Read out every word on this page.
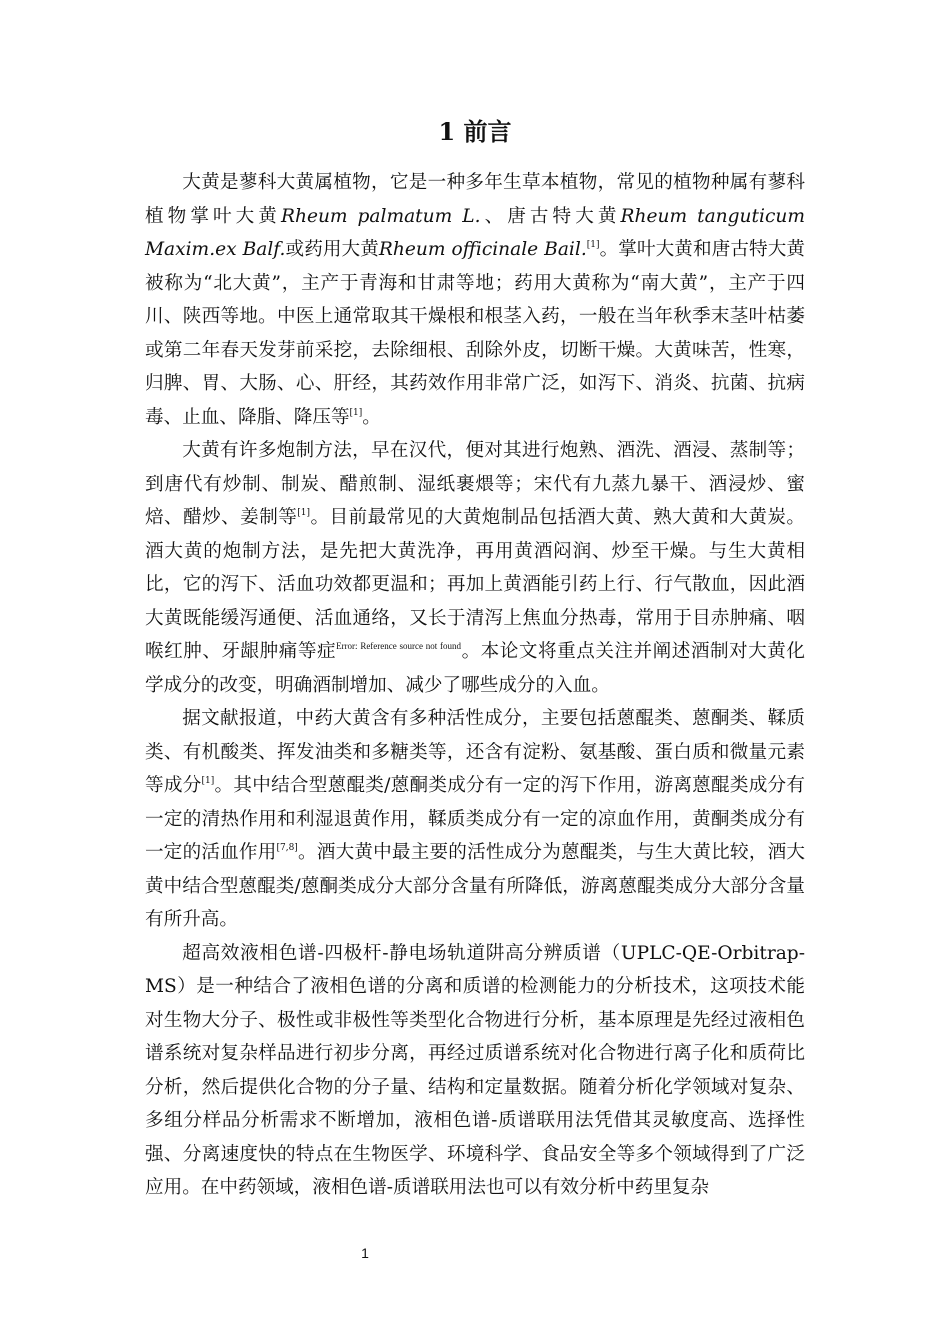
1 前言

大黄是蓼科大黄属植物，它是一种多年生草本植物，常见的植物种属有蓼科植物掌叶大黄Rheum palmatum L.、唐古特大黄Rheum tanguticum Maxim.ex Balf.或药用大黄Rheum officinale Bail.[1]。掌叶大黄和唐古特大黄被称为“北大黄”，主产于青海和甘肃等地；药用大黄称为“南大黄”，主产于四川、陕西等地。中医上通常取其干燥根和根茎入药，一般在当年秋季末茎叶枯萎或第二年春天发芽前采挖，去除细根、刮除外皮，切断干燥。大黄味苦，性寒，归脾、胃、大肠、心、肝经，其药效作用非常广泛，如泻下、消炎、抗菌、抗病毒、止血、降脂、降压等[1]。

大黄有许多炮制方法，早在汉代，便对其进行炮熟、酒洗、酒浸、蒸制等；到唐代有炒制、制炭、醋煎制、湿纸裹煨等；宋代有九蒸九暴干、酒浸炒、蜜焙、醋炒、姜制等[1]。目前最常见的大黄炮制品包括酒大黄、熟大黄和大黄炭。酒大黄的炮制方法，是先把大黄洗净，再用黄酒闷润、炒至干燥。与生大黄相比，它的泻下、活血功效都更温和；再加上黄酒能引药上行、行气散血，因此酒大黄既能缓泻通便、活血通络，又长于清泻上焦血分热毒，常用于目赤肿痛、咽喉红肿、牙龈肿痛等症$^{Error: Reference source not found}$。本论文将重点关注并阐述酒制对大黄化学成分的改变，明确酒制增加、减少了哪些成分的入血。

据文献报道，中药大黄含有多种活性成分，主要包括蒽醌类、蒽酮类、鞣质类、有机酸类、挥发油类和多糖类等，还含有淀粉、氨基酸、蛋白质和微量元素等成分[1]。其中结合型蒽醌类/蒽酮类成分有一定的泻下作用，游离蒽醌类成分有一定的清热作用和利湿退黄作用，鞣质类成分有一定的凉血作用，黄酮类成分有一定的活血作用[7,8]。酒大黄中最主要的活性成分为蒽醌类，与生大黄比较，酒大黄中结合型蒽醌类/蒽酮类成分大部分含量有所降低，游离蒽醌类成分大部分含量有所升高。

超高效液相色谱-四极杆-静电场轨道阱高分辨质谱（UPLC-QE-Orbitrap-MS）是一种结合了液相色谱的分离和质谱的检测能力的分析技术，这项技术能对生物大分子、极性或非极性等类型化合物进行分析，基本原理是先经过液相色谱系统对复杂样品进行初步分离，再经过质谱系统对化合物进行离子化和质荷比分析，然后提供化合物的分子量、结构和定量数据。随着分析化学领域对复杂、多组分样品分析需求不断增加，液相色谱-质谱联用法凭借其灵敏度高、选择性强、分离速度快的特点在生物医学、环境科学、食品安全等多个领域得到了广泛应用。在中药领域，液相色谱-质谱联用法也可以有效分析中药里复杂

1
